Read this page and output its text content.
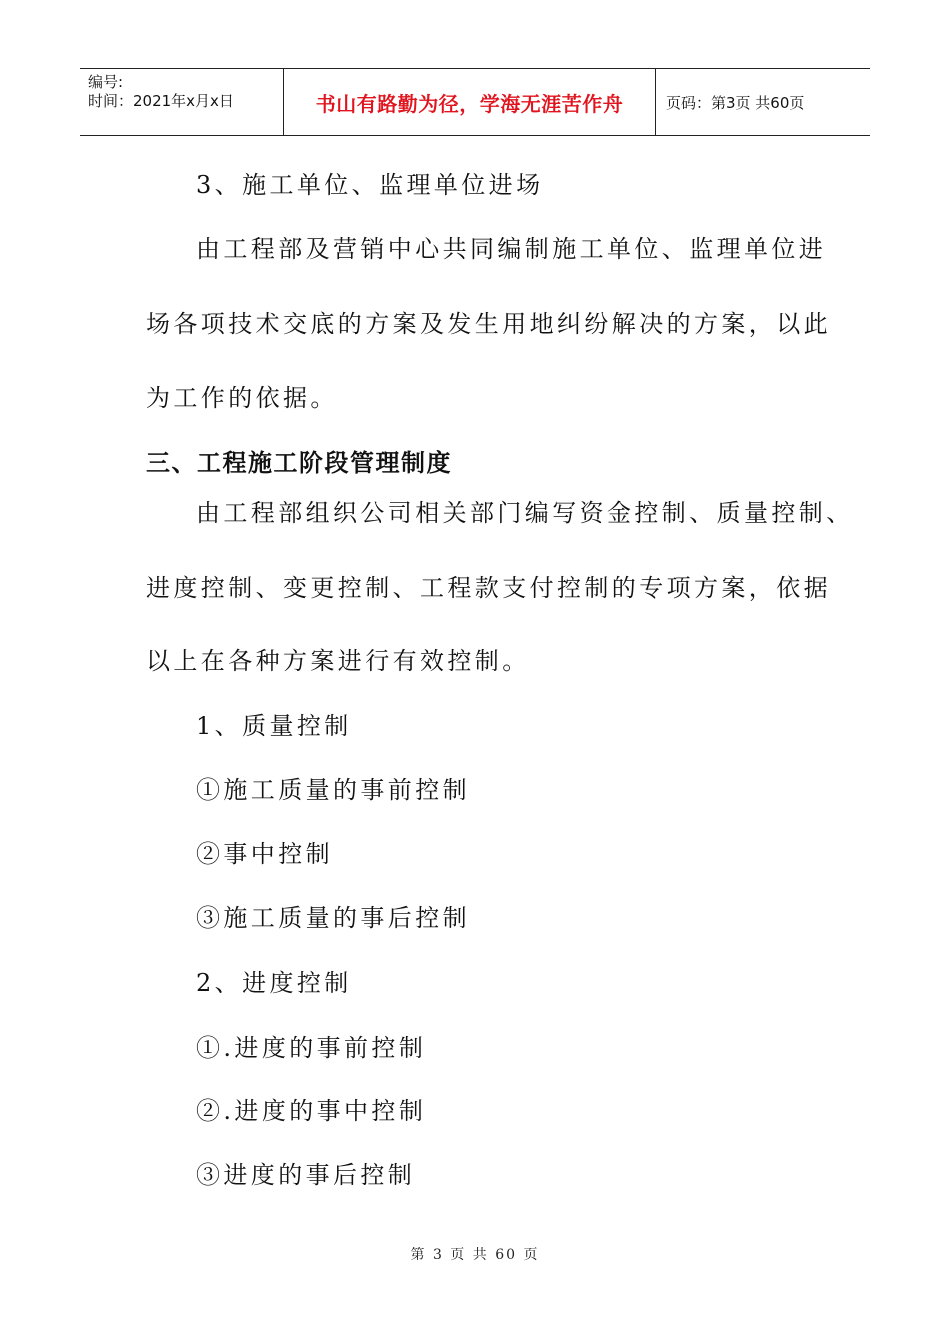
编号:
时间：2021年x月x日	书山有路勤为径，学海无涯苦作舟	页码：第3页 共60页
3、施工单位、监理单位进场
由工程部及营销中心共同编制施工单位、监理单位进
场各项技术交底的方案及发生用地纠纷解决的方案，以此
为工作的依据。
三、工程施工阶段管理制度
由工程部组织公司相关部门编写资金控制、质量控制、
进度控制、变更控制、工程款支付控制的专项方案，依据
以上在各种方案进行有效控制。
1、质量控制
①施工质量的事前控制
②事中控制
③施工质量的事后控制
2、进度控制
①.进度的事前控制
②.进度的事中控制
③进度的事后控制
第 3 页 共 60 页
